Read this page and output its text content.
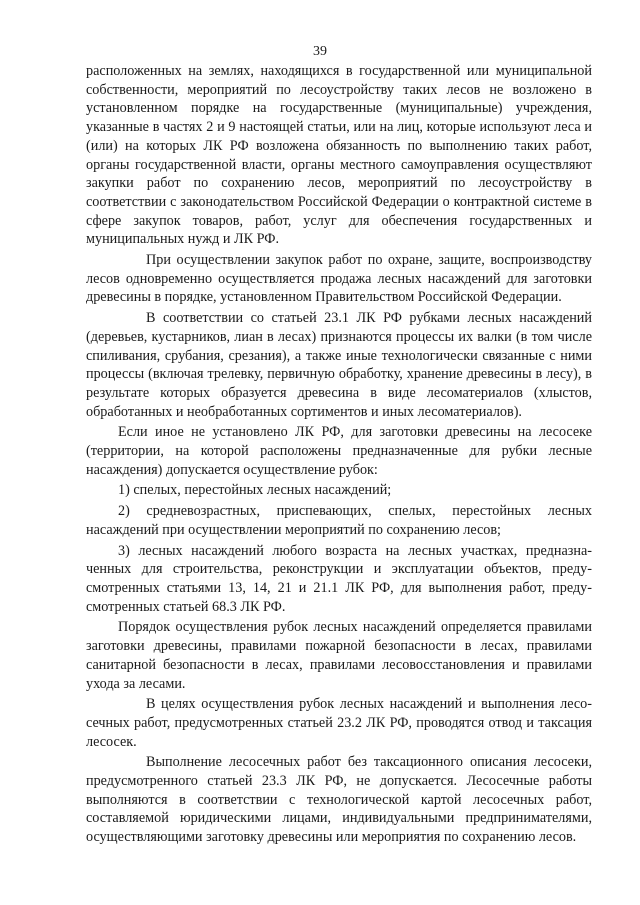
39

расположенных на землях, находящихся в государственной или муниципальной собственности, мероприятий по лесоустройству таких лесов не возложено в установленном порядке на государственные (муниципальные) учреждения, указанные в частях 2 и 9 настоящей статьи, или на лиц, которые используют леса и (или) на которых ЛК РФ возложена обязанность по выполнению таких работ, органы государственной власти, органы местного самоуправления осуществляют закупки работ по сохранению лесов, мероприятий по лесоустройству в соответствии с законодательством Российской Федерации о контрактной системе в сфере закупок товаров, работ, услуг для обеспечения государственных и муниципальных нужд и ЛК РФ.

При осуществлении закупок работ по охране, защите, воспроизводству лесов одновременно осуществляется продажа лесных насаждений для заготовки древесины в порядке, установленном Правительством Российской Федерации.

В соответствии со статьей 23.1 ЛК РФ рубками лесных насаждений (деревьев, кустарников, лиан в лесах) признаются процессы их валки (в том числе спиливания, срубания, срезания), а также иные технологически связанные с ними процессы (включая трелевку, первичную обработку, хранение древесины в лесу), в результате которых образуется древесина в виде лесоматериалов (хлыстов, обработанных и необработанных сортиментов и иных лесоматериалов).

Если иное не установлено ЛК РФ, для заготовки древесины на лесосеке (территории, на которой расположены предназначенные для рубки лесные насаждения) допускается осуществление рубок:

1) спелых, перестойных лесных насаждений;

2) средневозрастных, приспевающих, спелых, перестойных лесных насаждений при осуществлении мероприятий по сохранению лесов;

3) лесных насаждений любого возраста на лесных участках, предназначенных для строительства, реконструкции и эксплуатации объектов, предусмотренных статьями 13, 14, 21 и 21.1 ЛК РФ, для выполнения работ, предусмотренных статьей 68.3 ЛК РФ.

Порядок осуществления рубок лесных насаждений определяется правилами заготовки древесины, правилами пожарной безопасности в лесах, правилами санитарной безопасности в лесах, правилами лесовосстановления и правилами ухода за лесами.

В целях осуществления рубок лесных насаждений и выполнения лесосечных работ, предусмотренных статьей 23.2 ЛК РФ, проводятся отвод и таксация лесосек.

Выполнение лесосечных работ без таксационного описания лесосеки, предусмотренного статьей 23.3 ЛК РФ, не допускается. Лесосечные работы выполняются в соответствии с технологической картой лесосечных работ, составляемой юридическими лицами, индивидуальными предпринимателями, осуществляющими заготовку древесины или мероприятия по сохранению лесов.
